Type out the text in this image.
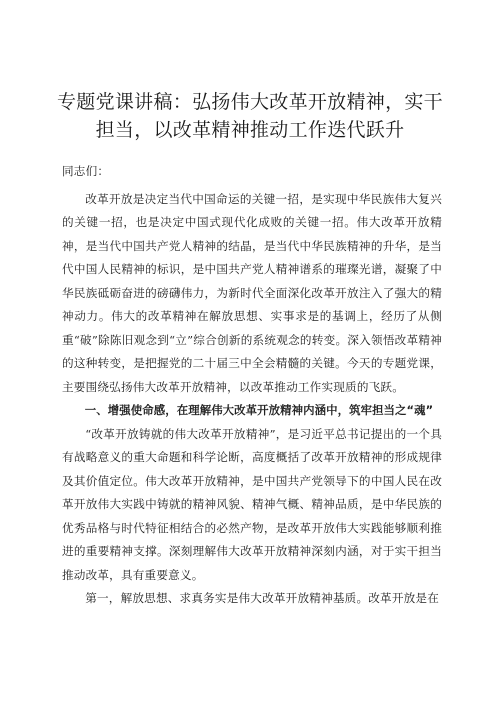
专题党课讲稿：弘扬伟大改革开放精神，实干担当，以改革精神推动工作迭代跃升

同志们：

改革开放是决定当代中国命运的关键一招，是实现中华民族伟大复兴的关键一招，也是决定中国式现代化成败的关键一招。伟大改革开放精神，是当代中国共产党人精神的结晶，是当代中华民族精神的升华，是当代中国人民精神的标识，是中国共产党人精神谱系的璀璨光谱，凝聚了中华民族砥砺奋进的磅礴伟力，为新时代全面深化改革开放注入了强大的精神动力。伟大的改革精神在解放思想、实事求是的基调上，经历了从侧重“破”除陈旧观念到“立”综合创新的系统观念的转变。深入领悟改革精神的这种转变，是把握党的二十届三中全会精髓的关键。今天的专题党课，主要围绕弘扬伟大改革开放精神，以改革推动工作实现质的飞跃。

一、增强使命感，在理解伟大改革开放精神内涵中，筑牢担当之“魂”

“改革开放铸就的伟大改革开放精神”，是习近平总书记提出的一个具有战略意义的重大命题和科学论断，高度概括了改革开放精神的形成规律及其价值定位。伟大改革开放精神，是中国共产党领导下的中国人民在改革开放伟大实践中铸就的精神风貌、精神气概、精神品质，是中华民族的优秀品格与时代特征相结合的必然产物，是改革开放伟大实践能够顺利推进的重要精神支撑。深刻理解伟大改革开放精神深刻内涵，对于实干担当推动改革，具有重要意义。

第一，解放思想、求真务实是伟大改革开放精神基质。改革开放是在
